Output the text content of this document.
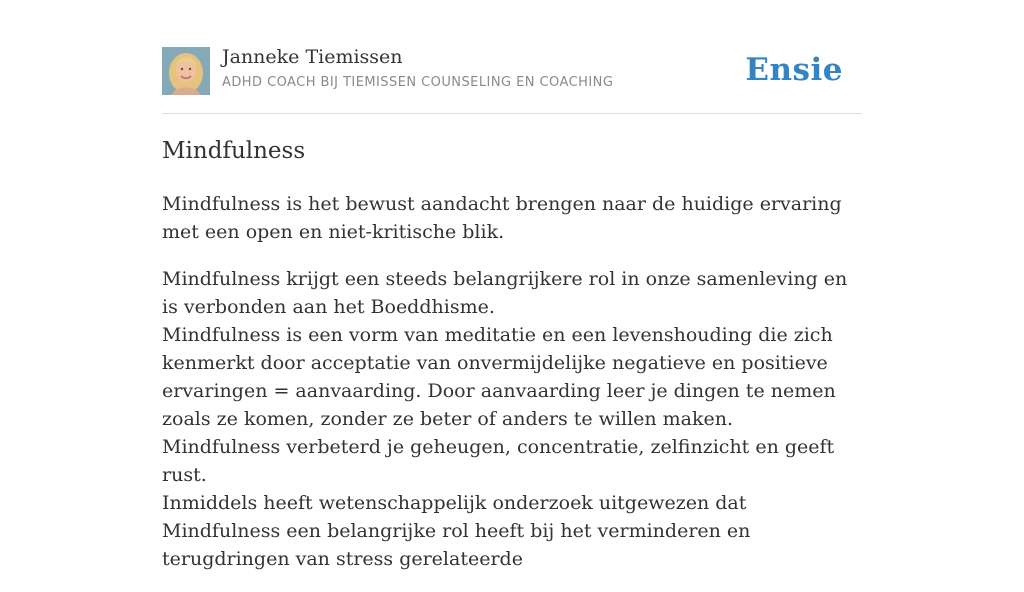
Janneke Tiemissen
ADHD COACH BIJ TIEMISSEN COUNSELING EN COACHING	Ensie
Mindfulness

Mindfulness is het bewust aandacht brengen naar de huidige ervaring met een open en niet-kritische blik.

Mindfulness krijgt een steeds belangrijkere rol in onze samenleving en is verbonden aan het Boeddhisme.
Mindfulness is een vorm van meditatie en een levenshouding die zich kenmerkt door acceptatie van onvermijdelijke negatieve en positieve ervaringen = aanvaarding. Door aanvaarding leer je dingen te nemen zoals ze komen, zonder ze beter of anders te willen maken.
Mindfulness verbeterd je geheugen, concentratie, zelfinzicht en geeft rust.
Inmiddels heeft wetenschappelijk onderzoek uitgewezen dat Mindfulness een belangrijke rol heeft bij het verminderen en terugdringen van stress gerelateerde
